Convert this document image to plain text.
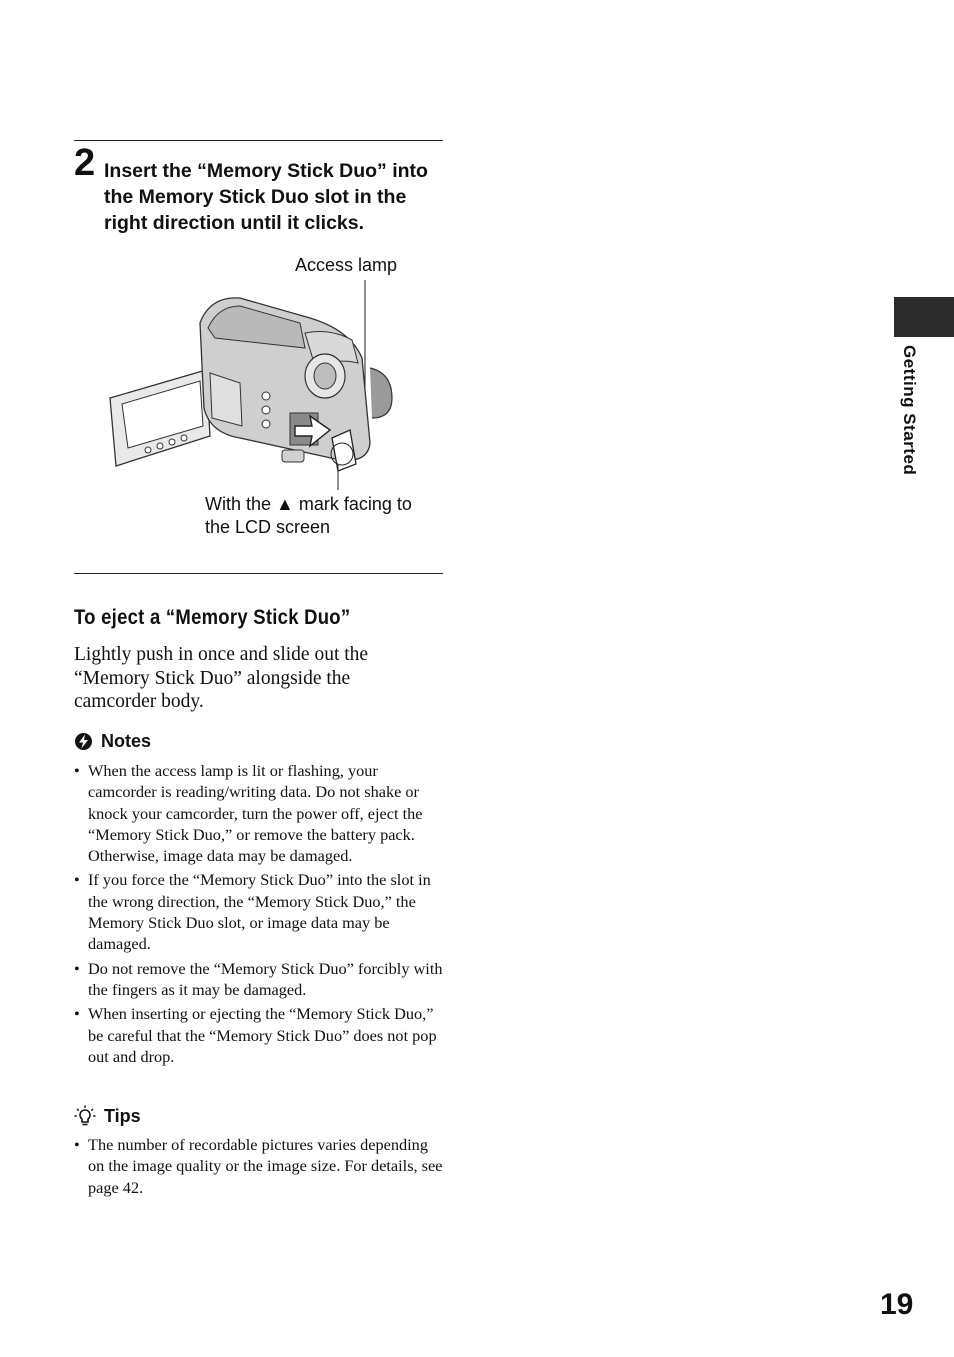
2 Insert the “Memory Stick Duo” into the Memory Stick Duo slot in the right direction until it clicks.
Access lamp
With the ▲ mark facing to
the LCD screen
To eject a “Memory Stick Duo”
Lightly push in once and slide out the “Memory Stick Duo” alongside the camcorder body.
Notes
• When the access lamp is lit or flashing, your camcorder is reading/writing data. Do not shake or knock your camcorder, turn the power off, eject the “Memory Stick Duo,” or remove the battery pack. Otherwise, image data may be damaged.
• If you force the “Memory Stick Duo” into the slot in the wrong direction, the “Memory Stick Duo,” the Memory Stick Duo slot, or image data may be damaged.
• Do not remove the “Memory Stick Duo” forcibly with the fingers as it may be damaged.
• When inserting or ejecting the “Memory Stick Duo,” be careful that the “Memory Stick Duo” does not pop out and drop.
Tips
• The number of recordable pictures varies depending on the image quality or the image size. For details, see page 42.
Getting Started
19
